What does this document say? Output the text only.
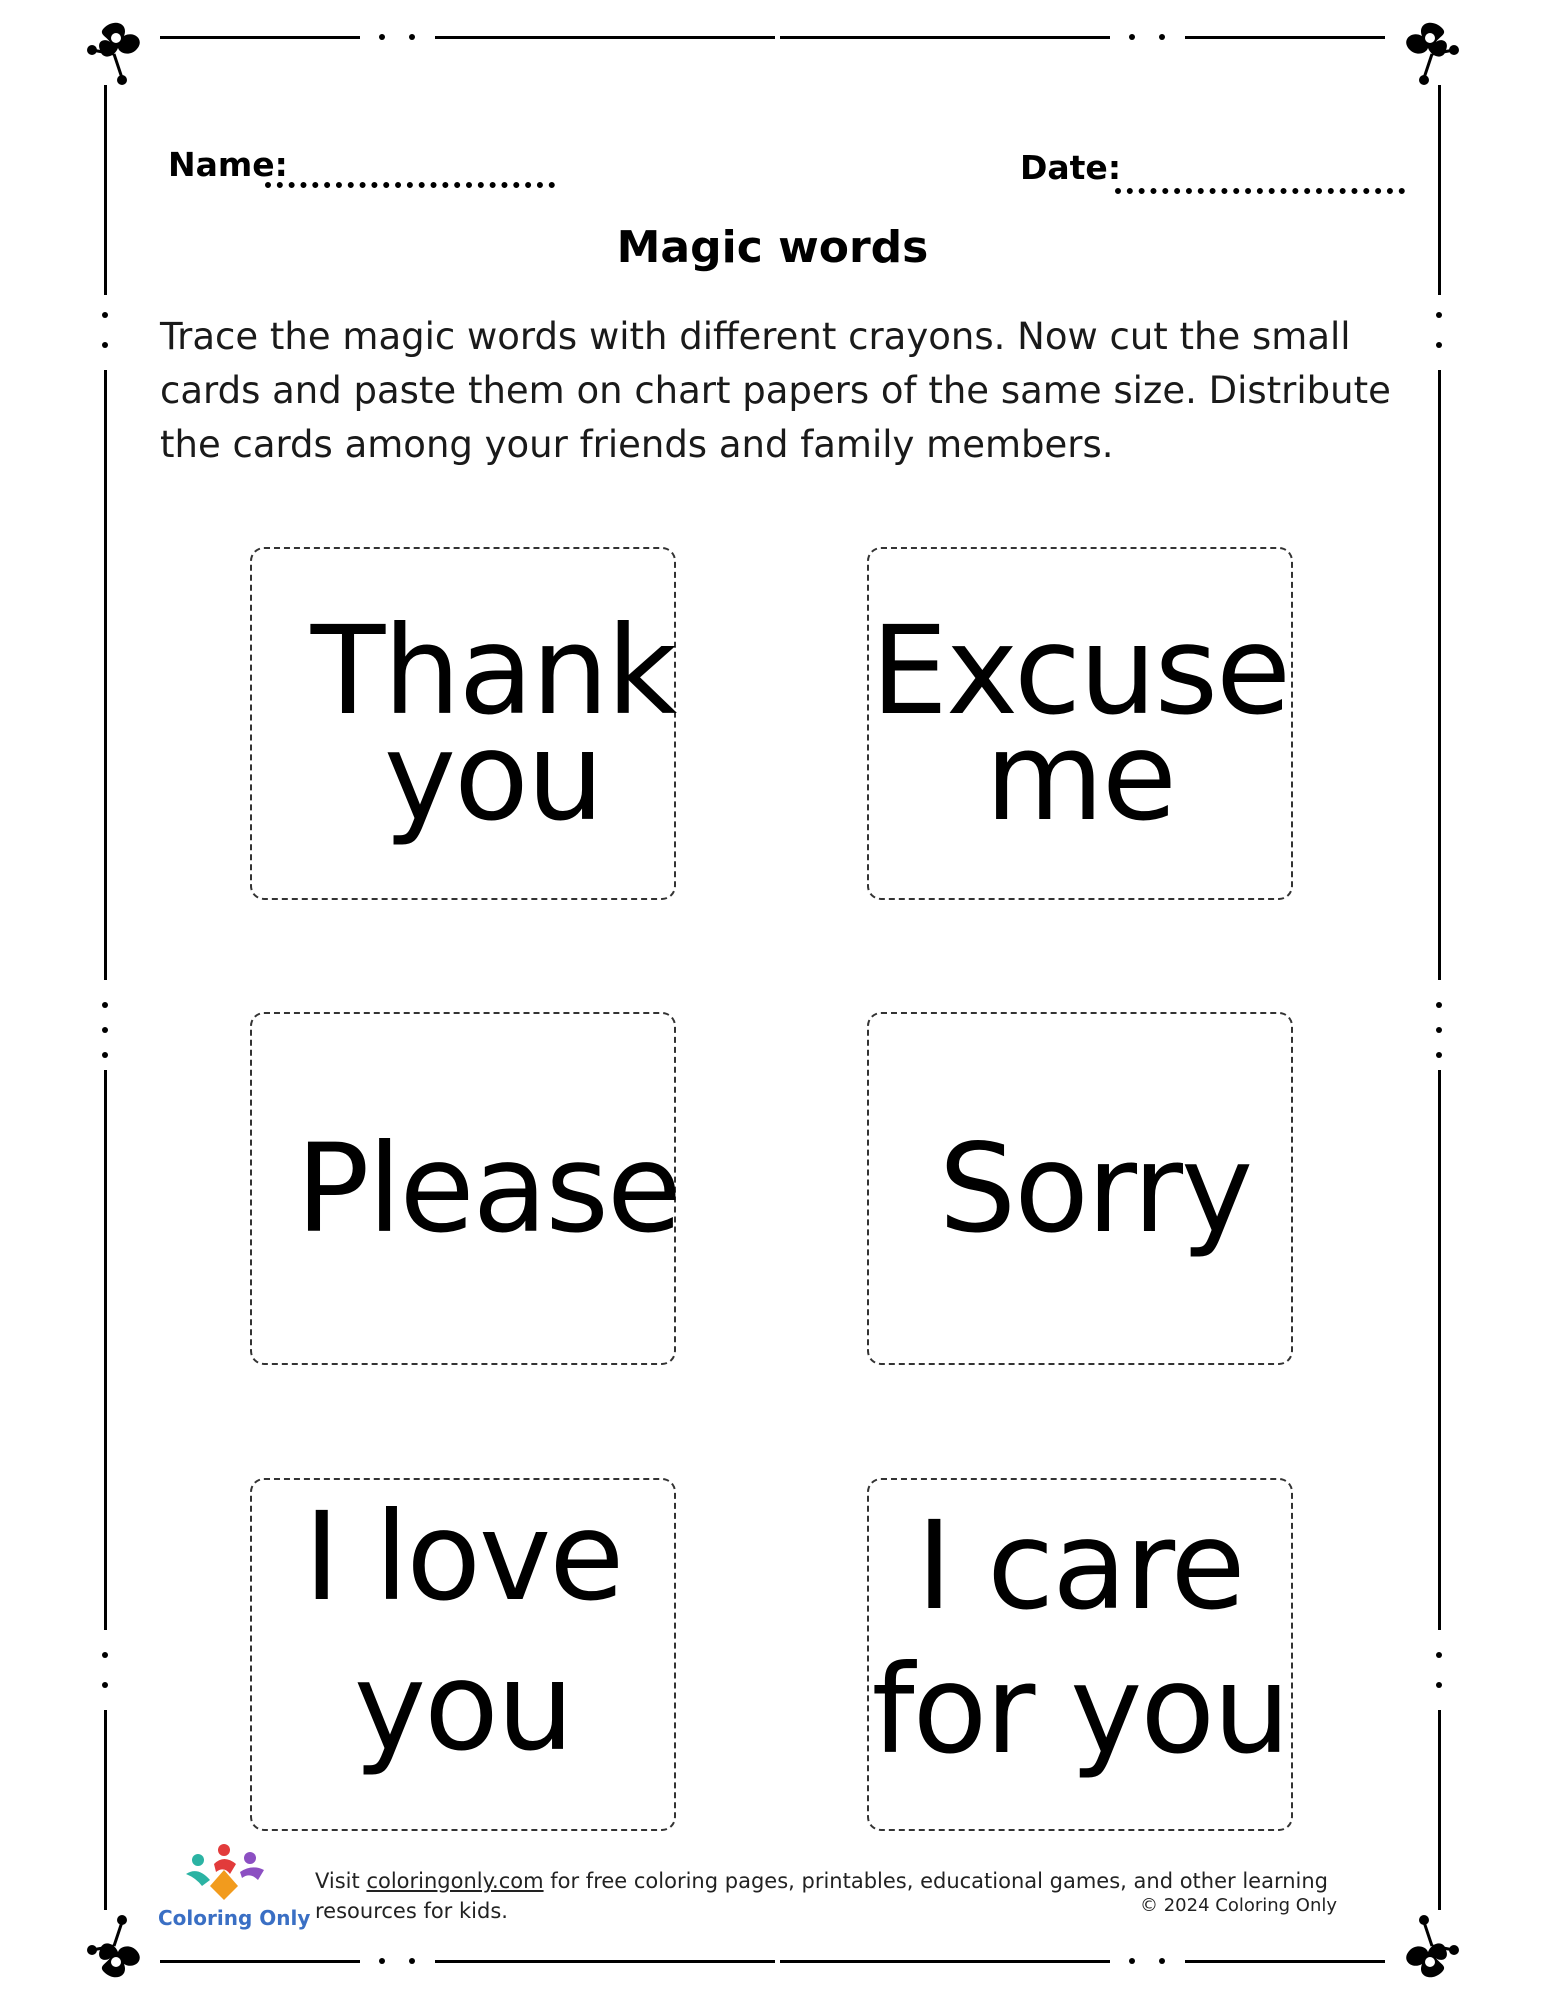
Name:	Date:
Magic words
Trace the magic words with different crayons. Now cut the small cards and paste them on chart papers of the same size. Distribute the cards among your friends and family members.
Thank
you
Excuse
me
Please	Sorry
I love
you
I care
for you
Coloring Only
Visit coloringonly.com for free coloring pages, printables, educational games, and other learning resources for kids.	© 2024 Coloring Only
